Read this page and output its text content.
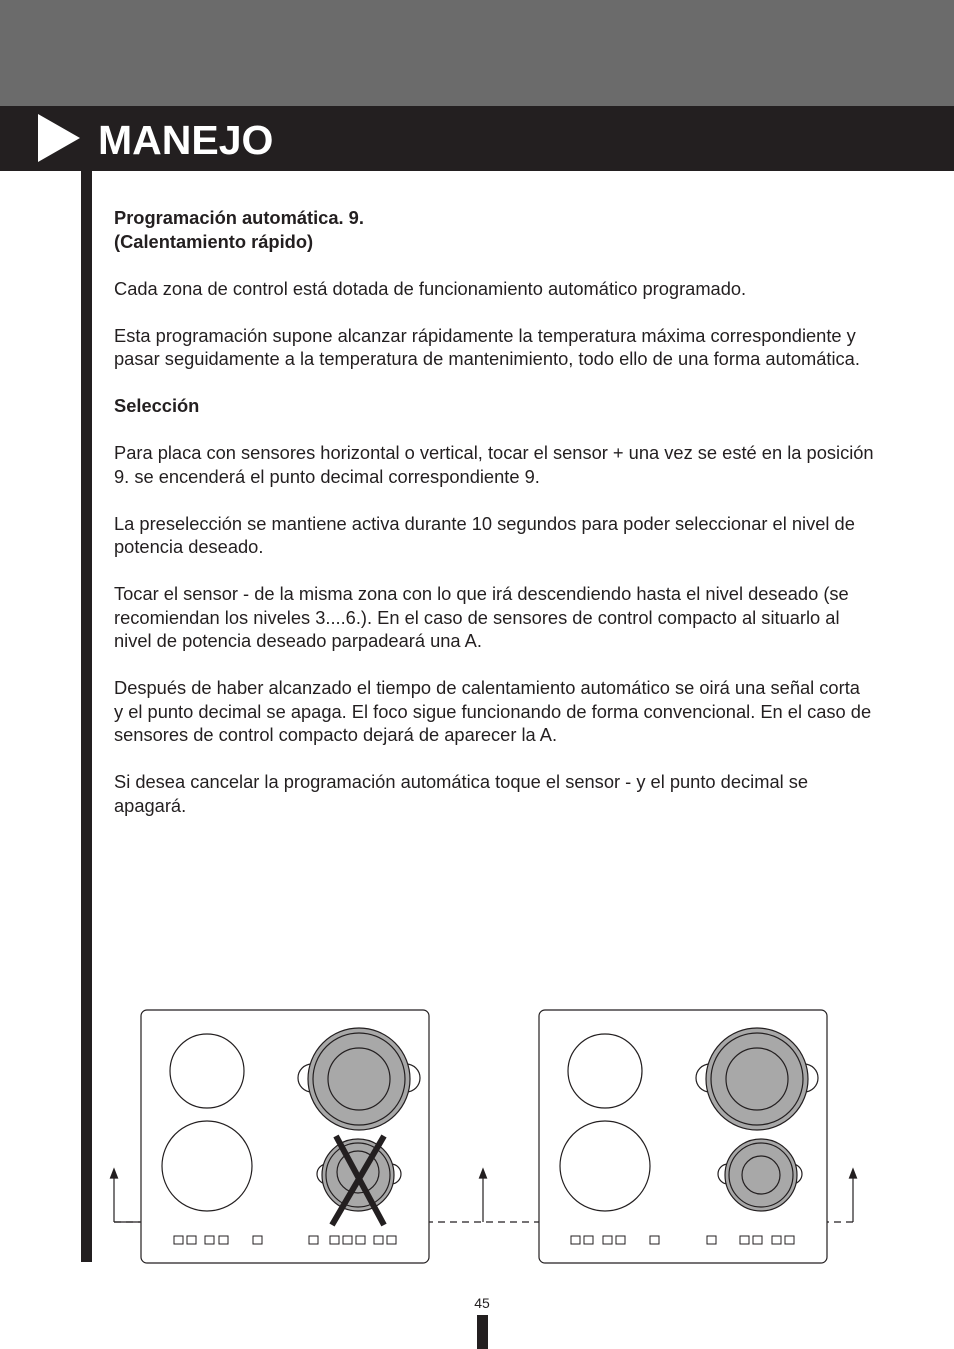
MANEJO

Programación automática. 9.
(Calentamiento rápido)

Cada zona de control está dotada de funcionamiento automático programado.

Esta programación supone alcanzar rápidamente la temperatura máxima correspondiente y pasar seguidamente a la temperatura de mantenimiento, todo ello de una forma automática.

Selección

Para placa con sensores horizontal o vertical, tocar el sensor + una vez se esté en la posición 9. se encenderá el punto decimal correspondiente 9.

La preselección se mantiene activa durante 10 segundos para poder seleccionar el nivel de potencia deseado.

Tocar el sensor - de la misma zona con lo que irá descendiendo hasta el nivel deseado (se recomiendan los niveles 3....6.). En el caso de sensores de control compacto al situarlo al nivel de potencia deseado parpadeará una A.

Después de haber alcanzado el tiempo de calentamiento automático se oirá una señal corta y el punto decimal se apaga. El foco sigue funcionando de forma convencional. En el caso de sensores de control compacto dejará de aparecer la A.

Si desea cancelar la programación automática toque el sensor - y el punto decimal se apagará.

45
